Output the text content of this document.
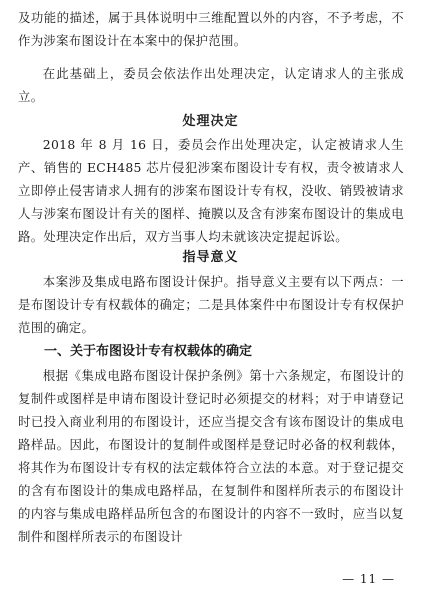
及功能的描述，属于具体说明中三维配置以外的内容，不予考虑，不作为涉案布图设计在本案中的保护范围。
在此基础上，委员会依法作出处理决定，认定请求人的主张成立。
处理决定
2018 年 8 月 16 日，委员会作出处理决定，认定被请求人生产、销售的 ECH485 芯片侵犯涉案布图设计专有权，责令被请求人立即停止侵害请求人拥有的涉案布图设计专有权，没收、销毁被请求人与涉案布图设计有关的图样、掩膜以及含有涉案布图设计的集成电路。处理决定作出后，双方当事人均未就该决定提起诉讼。
指导意义
本案涉及集成电路布图设计保护。指导意义主要有以下两点：一是布图设计专有权载体的确定；二是具体案件中布图设计专有权保护范围的确定。
一、关于布图设计专有权载体的确定
根据《集成电路布图设计保护条例》第十六条规定，布图设计的复制件或图样是申请布图设计登记时必须提交的材料；对于申请登记时已投入商业利用的布图设计，还应当提交含有该布图设计的集成电路样品。因此，布图设计的复制件或图样是登记时必备的权利载体，将其作为布图设计专有权的法定载体符合立法的本意。对于登记提交的含有布图设计的集成电路样品，在复制件和图样所表示的布图设计的内容与集成电路样品所包含的布图设计的内容不一致时，应当以复制件和图样所表示的布图设计
— 11 —
